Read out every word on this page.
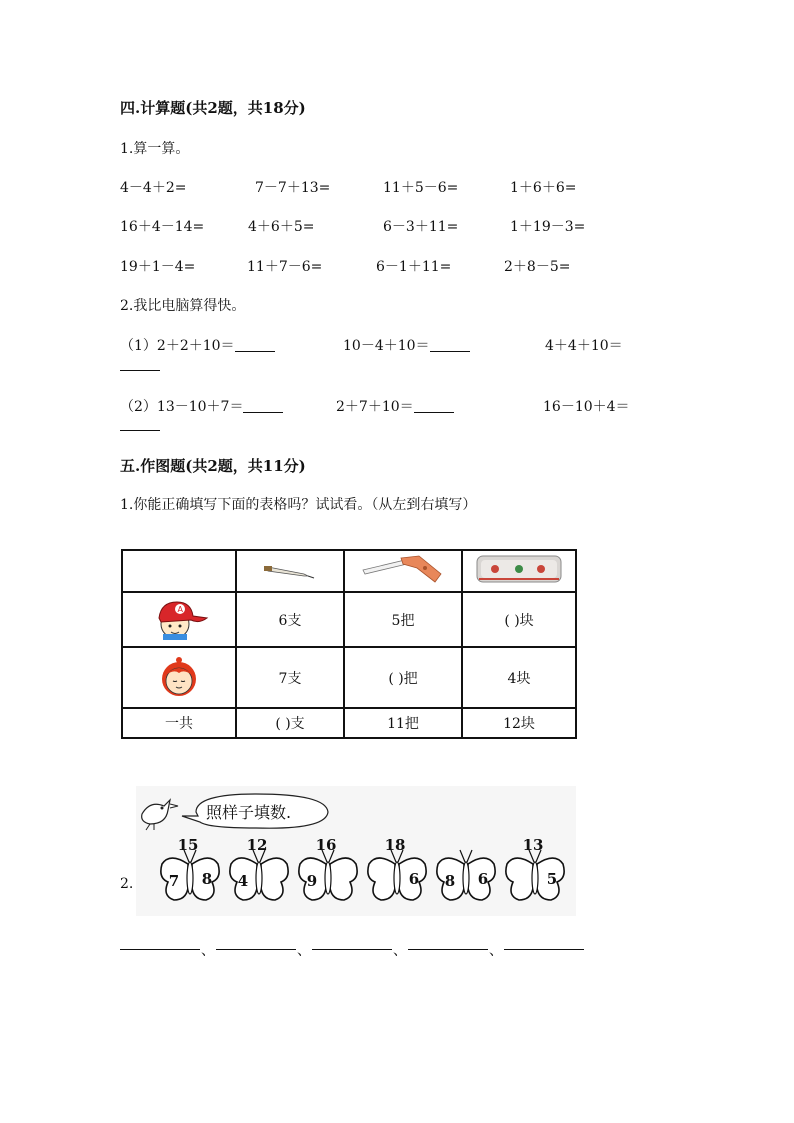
四.计算题(共2题，共18分)
1.算一算。
4－4＋2=	7－7＋13=	11＋5－6=	1＋6＋6=
16＋4－14=	4＋6＋5=	6－3＋11=	1＋19－3=
19＋1－4=	11＋7－6=	6－1＋11=	2＋8－5=
2.我比电脑算得快。
（1）2＋2＋10＝	10－4＋10＝	4＋4＋10＝
（2）13－10＋7＝	2＋7＋10＝	16－10＋4＝
五.作图题(共2题，共11分)
1.你能正确填写下面的表格吗？试试看。（从左到右填写）

A	6支	5把	( )块
	7支	( )把	4块
一共	( )支	11把	12块
2.
照样子填数.
15
7 8
12
4
16
9
18
6 8 6
13
5
、	、	、	、
